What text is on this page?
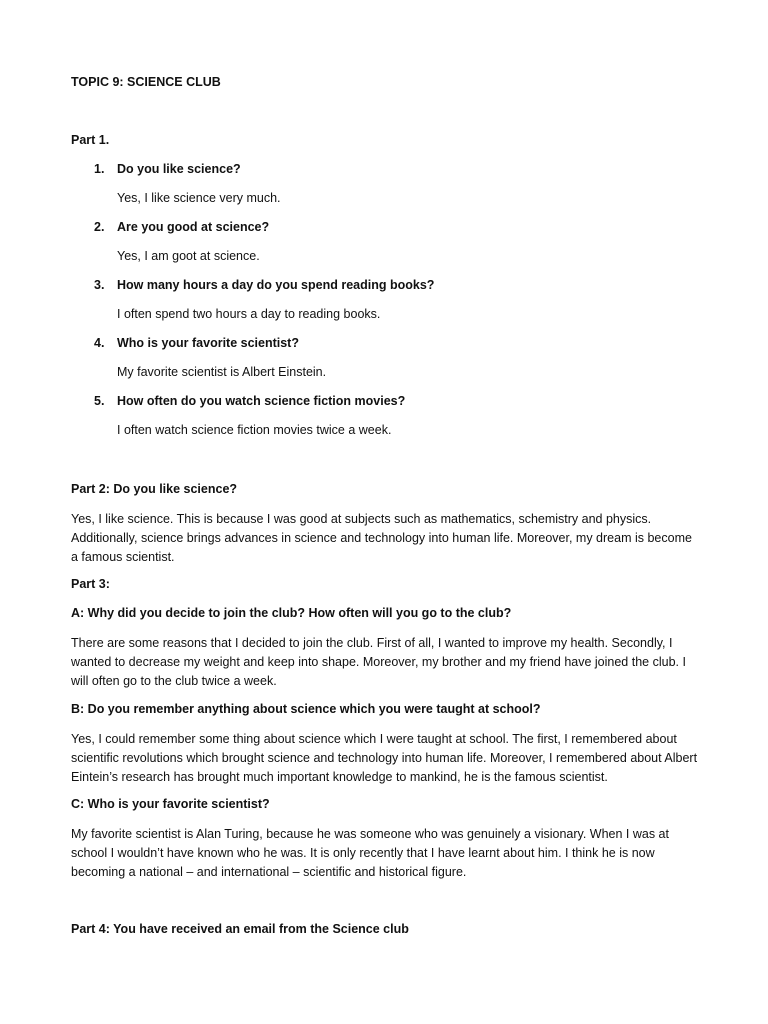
TOPIC 9: SCIENCE CLUB

Part 1.

1. Do you like science?

Yes, I like science very much.

2. Are you good at science?

Yes, I am goot at science.

3. How many hours a day do you spend reading books?

I often spend two hours a day to reading books.

4. Who is your favorite scientist?

My favorite scientist is Albert Einstein.

5. How often do you watch science fiction movies?

I often watch science fiction movies twice a week.

Part 2: Do you like science?

Yes, I like science. This is because I was good at subjects such as mathematics, schemistry and physics. Additionally, science brings advances in science and technology into human life. Moreover, my dream is become a famous scientist.

Part 3:

A: Why did you decide to join the club? How often will you go to the club?

There are some reasons that I decided to join the club. First of all, I wanted to improve my health. Secondly, I wanted to decrease my weight and keep into shape. Moreover, my brother and my friend have joined the club. I will often go to the club twice a week.

B: Do you remember anything about science which you were taught at school?

Yes, I could remember some thing about science which I were taught at school. The first, I remembered about scientific revolutions which brought science and technology into human life. Moreover, I remembered about Albert Eintein’s research has brought much important knowledge to mankind, he is the famous scientist.

C: Who is your favorite scientist?

My favorite scientist is Alan Turing, because he was someone who was genuinely a visionary. When I was at school I wouldn’t have known who he was. It is only recently that I have learnt about him. I think he is now becoming a national – and international – scientific and historical figure.

Part 4: You have received an email from the Science club
